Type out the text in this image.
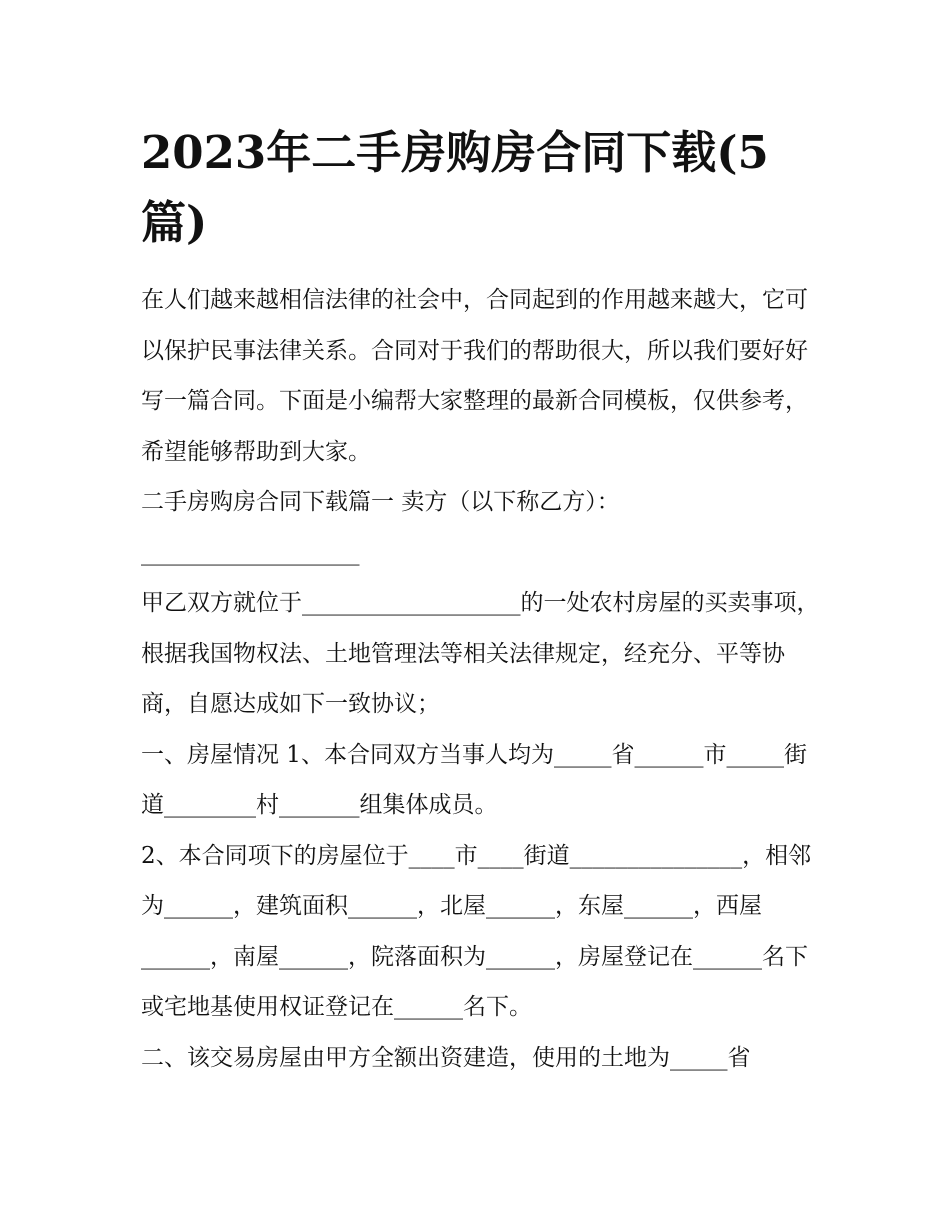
2023年二手房购房合同下载(5篇)

在人们越来越相信法律的社会中，合同起到的作用越来越大，它可以保护民事法律关系。合同对于我们的帮助很大，所以我们要好好写一篇合同。下面是小编帮大家整理的最新合同模板，仅供参考，希望能够帮助到大家。

二手房购房合同下载篇一 卖方（以下称乙方）：

___________________

甲乙双方就位于___________________的一处农村房屋的买卖事项，根据我国物权法、土地管理法等相关法律规定，经充分、平等协商，自愿达成如下一致协议；

一、房屋情况 1、本合同双方当事人均为_____省______市_____街道________村_______组集体成员。

2、本合同项下的房屋位于____市____街道_______________，相邻为______，建筑面积______，北屋______，东屋______，西屋______，南屋______，院落面积为______，房屋登记在______名下或宅地基使用权证登记在______名下。

二、该交易房屋由甲方全额出资建造，使用的土地为_____省
